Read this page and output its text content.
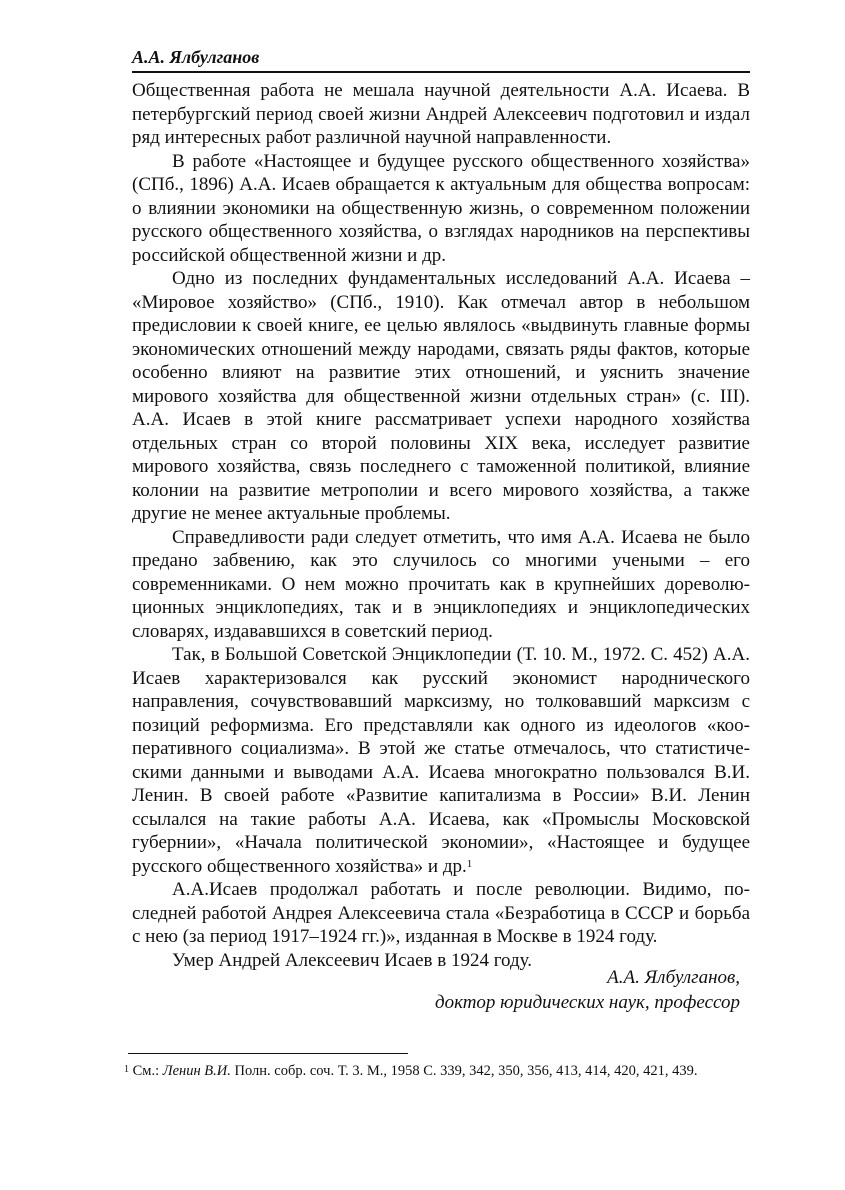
А.А. Ялбулганов

Общественная работа не мешала научной деятельности А.А. Исаева. В петербургский период своей жизни Андрей Алексеевич подготовил и издал ряд интересных работ различной научной направленности.

В работе «Настоящее и будущее русского общественного хозяйства» (СПб., 1896) А.А. Исаев обращается к актуальным для общества вопросам: о влиянии экономики на общественную жизнь, о современном положении русского общественного хозяйства, о взглядах народников на перспективы российской общественной жизни и др.

Одно из последних фундаментальных исследований А.А. Исаева – «Мировое хозяйство» (СПб., 1910). Как отмечал автор в небольшом предисловии к своей книге, ее целью являлось «выдвинуть главные формы экономических отношений между народами, связать ряды фактов, которые особенно влияют на развитие этих отношений, и уяснить значение мирового хозяйства для общественной жизни отдельных стран» (с. III). А.А. Исаев в этой книге рассматривает успехи народного хозяйства отдельных стран со второй половины XIX века, исследует развитие мирового хозяйства, связь последнего с таможенной политикой, влияние колонии на развитие метрополии и всего мирового хозяйства, а также другие не менее актуальные проблемы.

Справедливости ради следует отметить, что имя А.А. Исаева не было предано забвению, как это случилось со многими учеными – его современниками. О нем можно прочитать как в крупнейших дореволюционных энциклопедиях, так и в энциклопедиях и энциклопедических словарях, издававшихся в советский период.

Так, в Большой Советской Энциклопедии (Т. 10. М., 1972. С. 452) А.А. Исаев характеризовался как русский экономист народнического направления, сочувствовавший марксизму, но толковавший марксизм с позиций реформизма. Его представляли как одного из идеологов «кооперативного социализма». В этой же статье отмечалось, что статистическими данными и выводами А.А. Исаева многократно пользовался В.И. Ленин. В своей работе «Развитие капитализма в России» В.И. Ленин ссылался на такие работы А.А. Исаева, как «Промыслы Московской губернии», «Начала политической экономии», «Настоящее и будущее русского общественного хозяйства» и др.$^1$

А.А.Исаев продолжал работать и после революции. Видимо, последней работой Андрея Алексеевича стала «Безработица в СССР и борьба с нею (за период 1917–1924 гг.)», изданная в Москве в 1924 году.

Умер Андрей Алексеевич Исаев в 1924 году.

А.А. Ялбулганов,
доктор юридических наук, профессор
$^1$ См.: Ленин В.И. Полн. собр. соч. Т. 3. М., 1958 С. 339, 342, 350, 356, 413, 414, 420, 421, 439.
